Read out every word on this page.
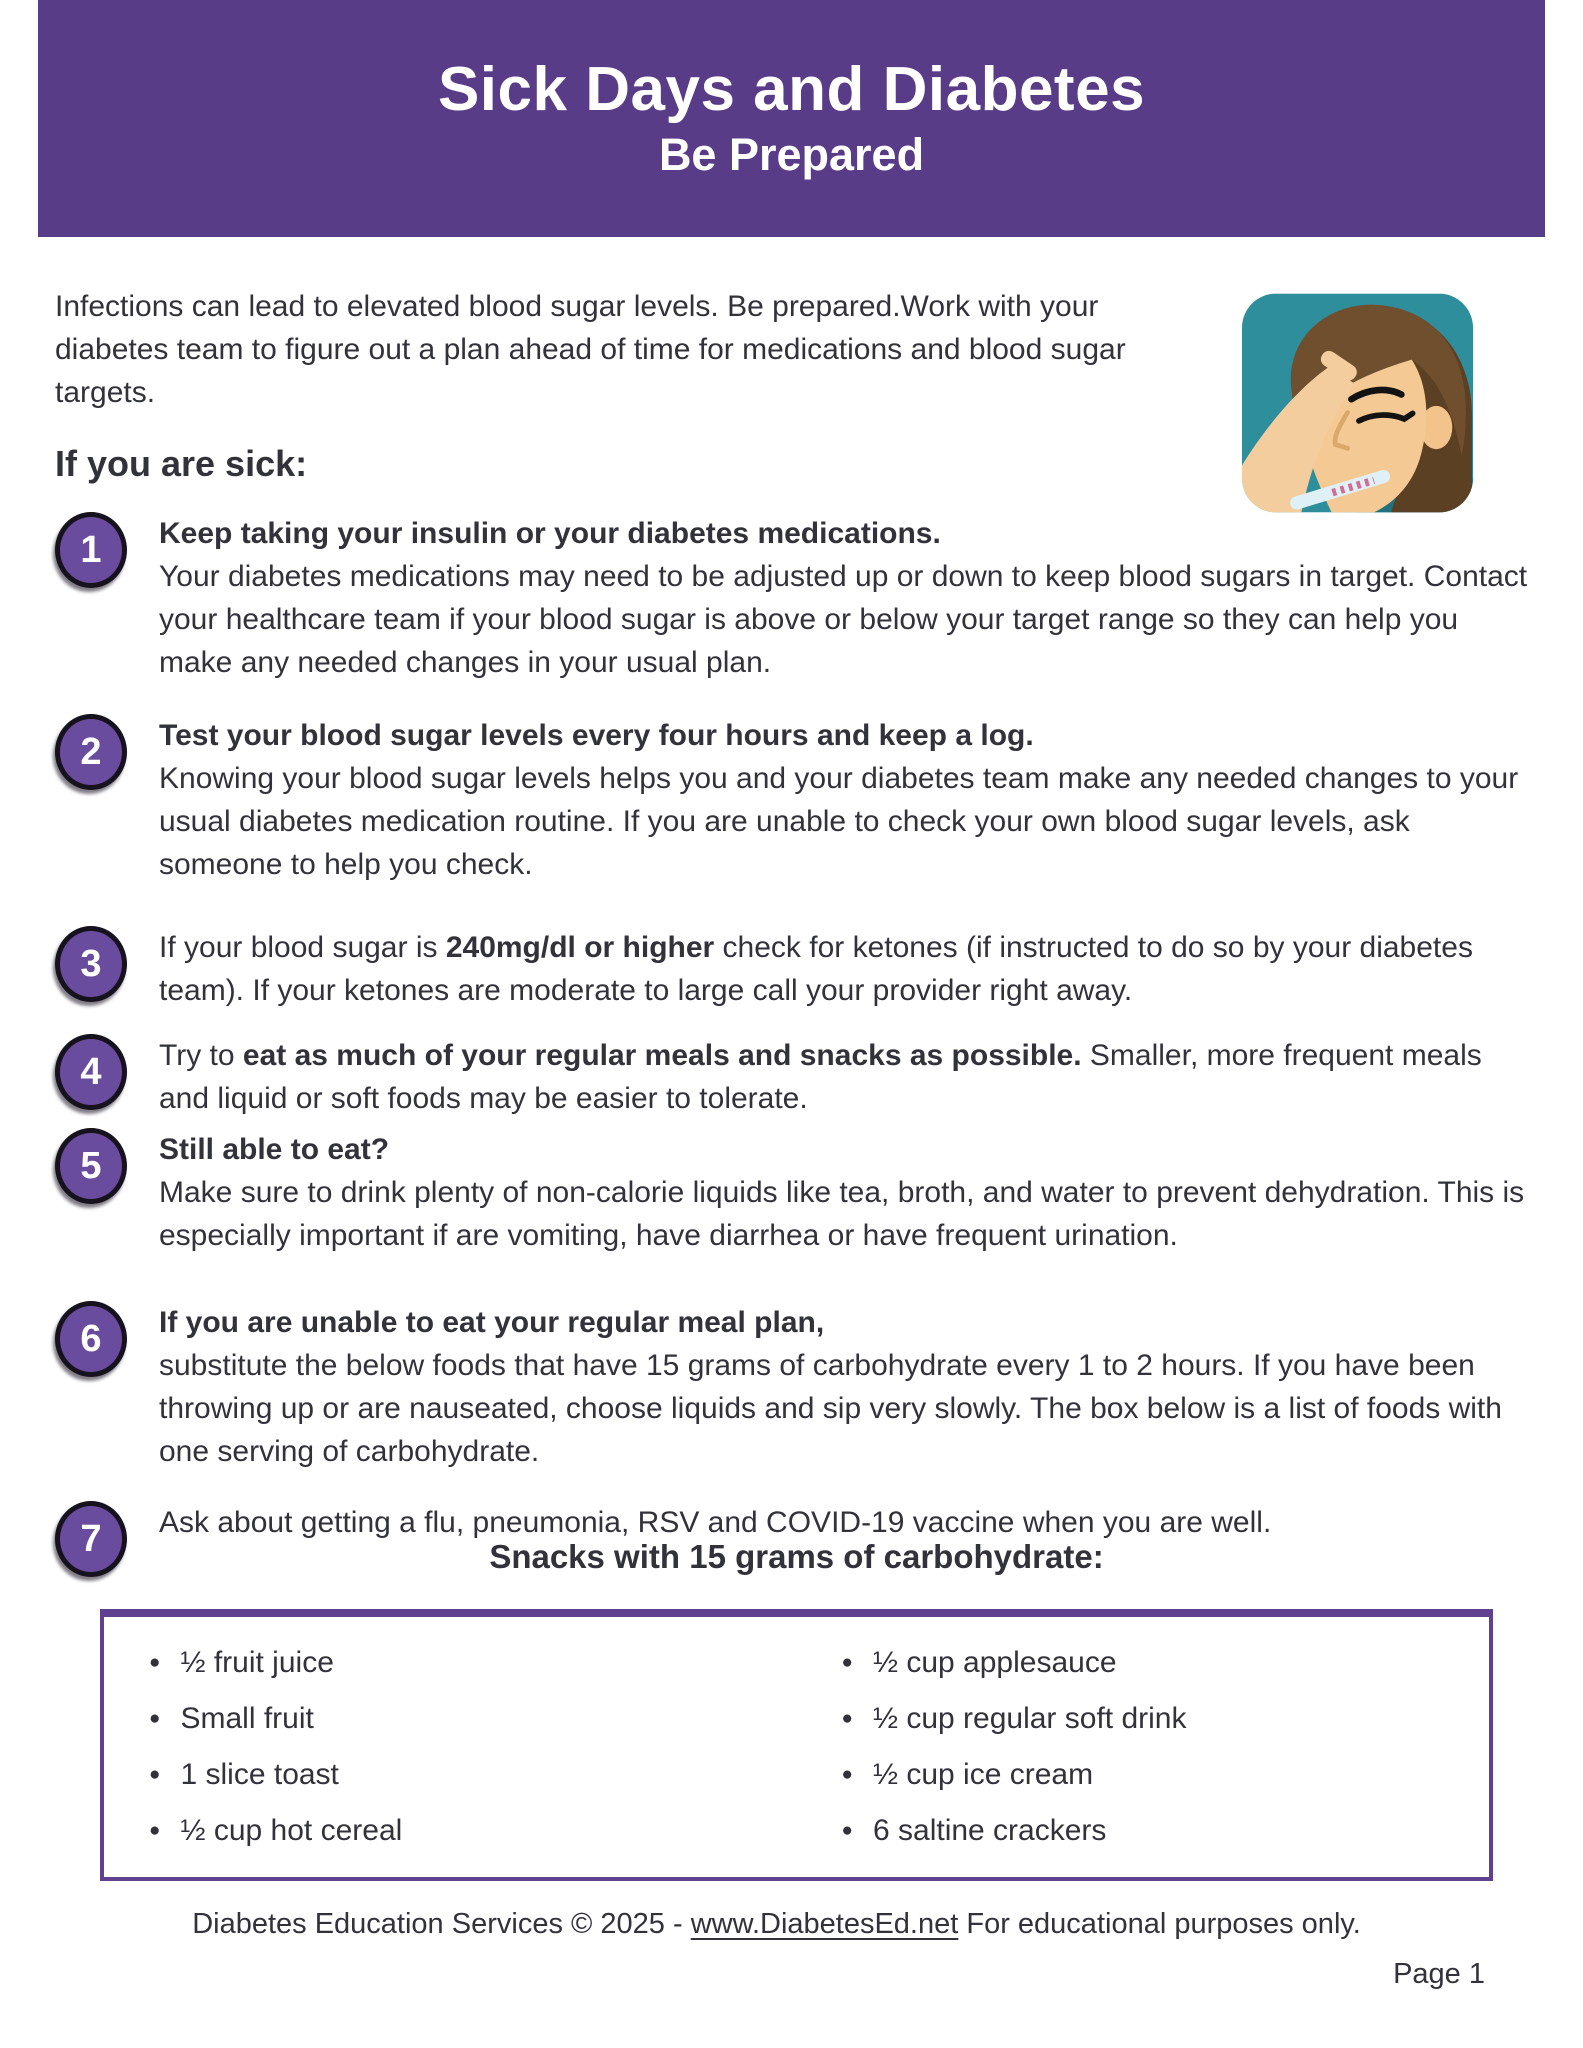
Sick Days and Diabetes
Be Prepared

Infections can lead to elevated blood sugar levels. Be prepared.Work with your diabetes team to figure out a plan ahead of time for medications and blood sugar targets.

If you are sick:
1	Keep taking your insulin or your diabetes medications.

Your diabetes medications may need to be adjusted up or down to keep blood sugars in target. Contact your healthcare team if your blood sugar is above or below your target range so they can help you make any needed changes in your usual plan.

2	Test your blood sugar levels every four hours and keep a log.

Knowing your blood sugar levels helps you and your diabetes team make any needed changes to your usual diabetes medication routine. If you are unable to check your own blood sugar levels, ask someone to help you check.

3	If your blood sugar is 240mg/dl or higher check for ketones (if instructed to do so by your diabetes team). If your ketones are moderate to large call your provider right away.

4	Try to eat as much of your regular meals and snacks as possible. Smaller, more frequent meals and liquid or soft foods may be easier to tolerate.

5	Still able to eat?

Make sure to drink plenty of non-calorie liquids like tea, broth, and water to prevent dehydration. This is especially important if are vomiting, have diarrhea or have frequent urination.

6	If you are unable to eat your regular meal plan,

substitute the below foods that have 15 grams of carbohydrate every 1 to 2 hours. If you have been throwing up or are nauseated, choose liquids and sip very slowly. The box below is a list of foods with one serving of carbohydrate.

7	Ask about getting a flu, pneumonia, RSV and COVID-19 vaccine when you are well.

Snacks with 15 grams of carbohydrate:
● ½ fruit juice
● Small fruit
● 1 slice toast
● ½ cup hot cereal
● ½ cup applesauce
● ½ cup regular soft drink
● ½ cup ice cream
● 6 saltine crackers
Diabetes Education Services © 2025 - www.DiabetesEd.net For educational purposes only.
Page 1
